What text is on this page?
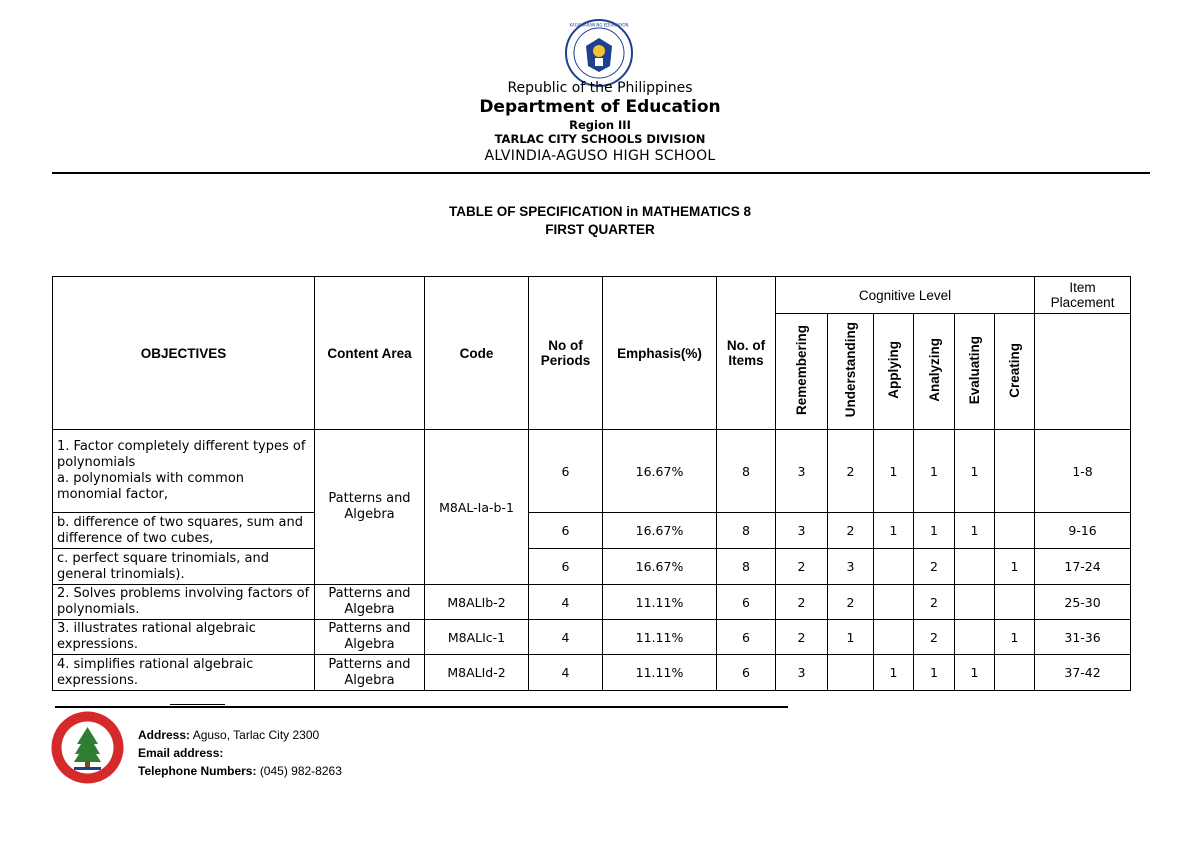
KAGAWARAN NG EDUKASYON
Republic of the Philippines
Department of Education
Region III
TARLAC CITY SCHOOLS DIVISION
ALVINDIA-AGUSO HIGH SCHOOL
TABLE OF SPECIFICATION in MATHEMATICS 8
FIRST QUARTER
OBJECTIVES	Content Area	Code	No of Periods	Emphasis(%)	No. of Items	Cognitive Level						Item Placement
						Remembering	Understanding	Applying	Analyzing	Evaluating	Creating	
1. Factor completely different types of polynomials
a. polynomials with common monomial factor,	Patterns and Algebra	M8AL-Ia-b-1	6	16.67%	8	3	2	1	1	1		1-8
b. difference of two squares, sum and difference of two cubes,			6	16.67%	8	3	2	1	1	1		9-16
c. perfect square trinomials, and general trinomials).			6	16.67%	8	2	3		2		1	17-24
2. Solves problems involving factors of polynomials.	Patterns and Algebra	M8ALIb-2	4	11.11%	6	2	2		2			25-30
3. illustrates rational algebraic expressions.	Patterns and Algebra	M8ALIc-1	4	11.11%	6	2	1		2		1	31-36
4. simplifies rational algebraic expressions.	Patterns and Algebra	M8ALId-2	4	11.11%	6	3		1	1	1		37-42
Address: Aguso, Tarlac City 2300
Email address:
Telephone Numbers: (045) 982-8263
